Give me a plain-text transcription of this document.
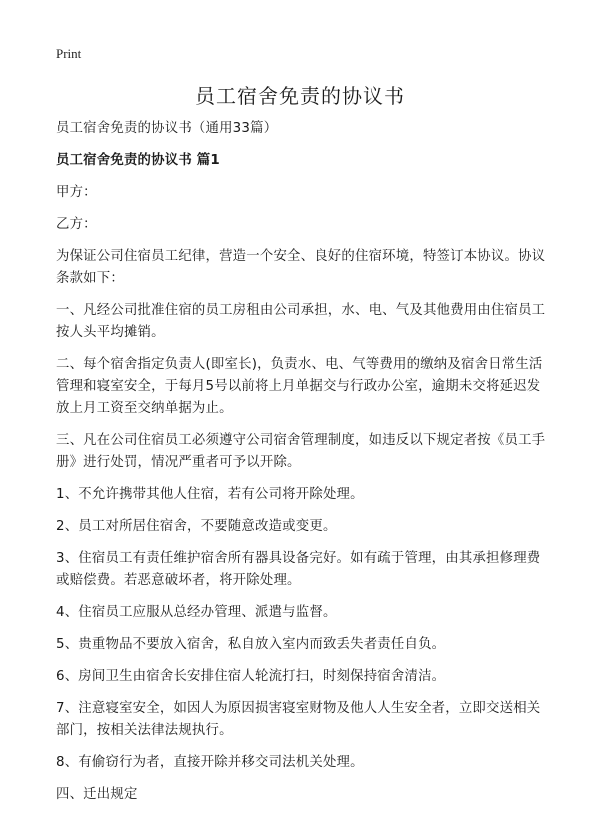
Print
员工宿舍免责的协议书

员工宿舍免责的协议书（通用33篇）

员工宿舍免责的协议书 篇1

甲方：

乙方：

为保证公司住宿员工纪律，营造一个安全、良好的住宿环境，特签订本协议。协议条款如下：

一、凡经公司批准住宿的员工房租由公司承担，水、电、气及其他费用由住宿员工按人头平均摊销。

二、每个宿舍指定负责人(即室长)，负责水、电、气等费用的缴纳及宿舍日常生活管理和寝室安全，于每月5号以前将上月单据交与行政办公室，逾期未交将延迟发放上月工资至交纳单据为止。

三、凡在公司住宿员工必须遵守公司宿舍管理制度，如违反以下规定者按《员工手册》进行处罚，情况严重者可予以开除。

1、不允许携带其他人住宿，若有公司将开除处理。

2、员工对所居住宿舍，不要随意改造或变更。

3、住宿员工有责任维护宿舍所有器具设备完好。如有疏于管理，由其承担修理费或赔偿费。若恶意破坏者，将开除处理。

4、住宿员工应服从总经办管理、派遣与监督。

5、贵重物品不要放入宿舍，私自放入室内而致丢失者责任自负。

6、房间卫生由宿舍长安排住宿人轮流打扫，时刻保持宿舍清洁。

7、注意寝室安全，如因人为原因损害寝室财物及他人人生安全者，立即交送相关部门，按相关法律法规执行。

8、有偷窃行为者，直接开除并移交司法机关处理。

四、迁出规定
